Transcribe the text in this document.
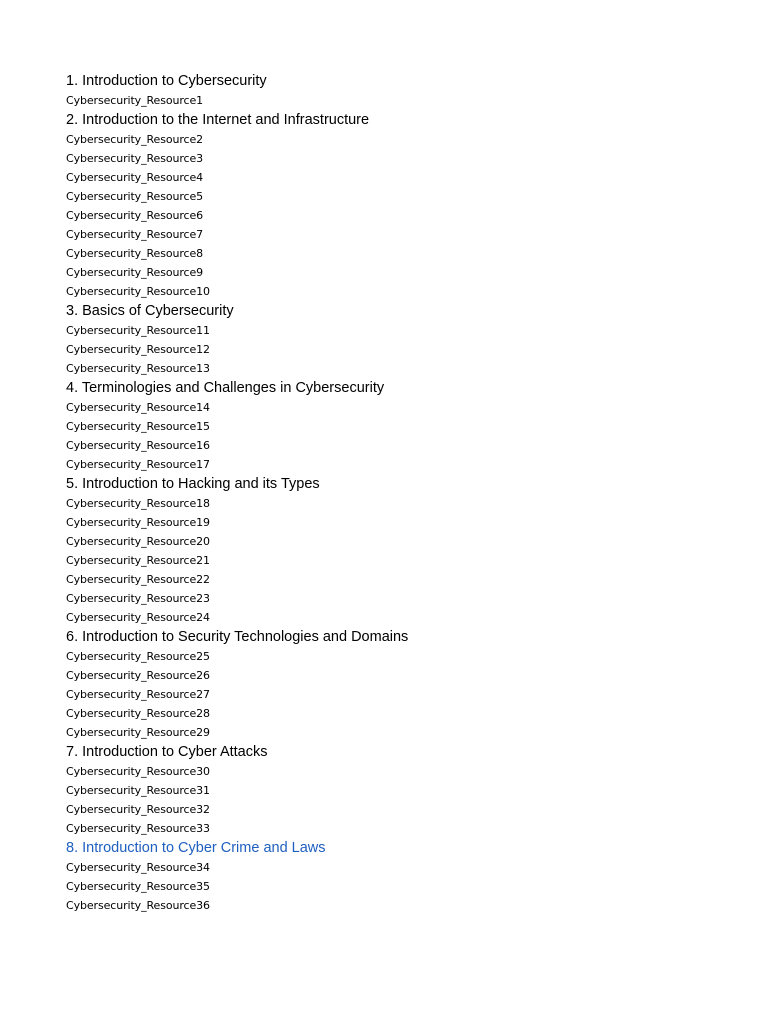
1. Introduction to Cybersecurity
Cybersecurity_Resource1
2. Introduction to the Internet and Infrastructure
Cybersecurity_Resource2
Cybersecurity_Resource3
Cybersecurity_Resource4
Cybersecurity_Resource5
Cybersecurity_Resource6
Cybersecurity_Resource7
Cybersecurity_Resource8
Cybersecurity_Resource9
Cybersecurity_Resource10
3. Basics of Cybersecurity
Cybersecurity_Resource11
Cybersecurity_Resource12
Cybersecurity_Resource13
4. Terminologies and Challenges in Cybersecurity
Cybersecurity_Resource14
Cybersecurity_Resource15
Cybersecurity_Resource16
Cybersecurity_Resource17
5. Introduction to Hacking and its Types
Cybersecurity_Resource18
Cybersecurity_Resource19
Cybersecurity_Resource20
Cybersecurity_Resource21
Cybersecurity_Resource22
Cybersecurity_Resource23
Cybersecurity_Resource24
6. Introduction to Security Technologies and Domains
Cybersecurity_Resource25
Cybersecurity_Resource26
Cybersecurity_Resource27
Cybersecurity_Resource28
Cybersecurity_Resource29
7. Introduction to Cyber Attacks
Cybersecurity_Resource30
Cybersecurity_Resource31
Cybersecurity_Resource32
Cybersecurity_Resource33
8. Introduction to Cyber Crime and Laws
Cybersecurity_Resource34
Cybersecurity_Resource35
Cybersecurity_Resource36
